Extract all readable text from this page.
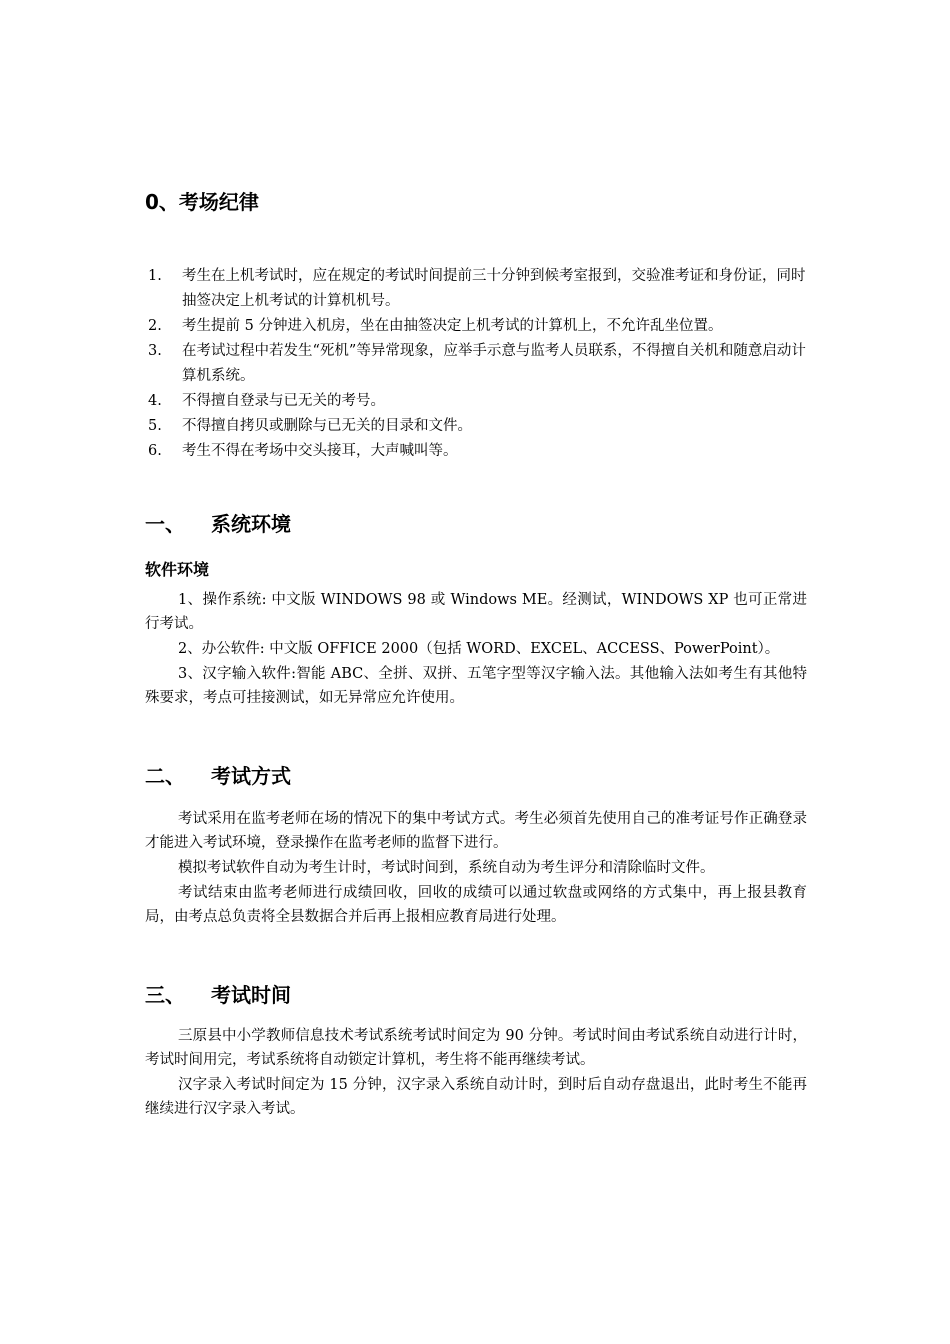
0、考场纪律
1. 考生在上机考试时，应在规定的考试时间提前三十分钟到候考室报到，交验准考证和身份证，同时抽签决定上机考试的计算机机号。
2. 考生提前 5 分钟进入机房，坐在由抽签决定上机考试的计算机上，不允许乱坐位置。
3. 在考试过程中若发生“死机”等异常现象，应举手示意与监考人员联系，不得擅自关机和随意启动计算机系统。
4. 不得擅自登录与已无关的考号。
5. 不得擅自拷贝或删除与已无关的目录和文件。
6. 考生不得在考场中交头接耳，大声喊叫等。
一、 系统环境
软件环境
1、操作系统: 中文版 WINDOWS 98 或 Windows ME。经测试，WINDOWS XP 也可正常进行考试。
2、办公软件: 中文版 OFFICE 2000（包括 WORD、EXCEL、ACCESS、PowerPoint）。
3、汉字输入软件:智能 ABC、全拼、双拼、五笔字型等汉字输入法。其他输入法如考生有其他特殊要求，考点可挂接测试，如无异常应允许使用。
二、 考试方式
考试采用在监考老师在场的情况下的集中考试方式。考生必须首先使用自己的准考证号作正确登录才能进入考试环境，登录操作在监考老师的监督下进行。
模拟考试软件自动为考生计时，考试时间到，系统自动为考生评分和清除临时文件。
考试结束由监考老师进行成绩回收，回收的成绩可以通过软盘或网络的方式集中，再上报县教育局，由考点总负责将全县数据合并后再上报相应教育局进行处理。
三、 考试时间
三原县中小学教师信息技术考试系统考试时间定为 90 分钟。考试时间由考试系统自动进行计时，考试时间用完，考试系统将自动锁定计算机，考生将不能再继续考试。
汉字录入考试时间定为 15 分钟，汉字录入系统自动计时，到时后自动存盘退出，此时考生不能再继续进行汉字录入考试。
